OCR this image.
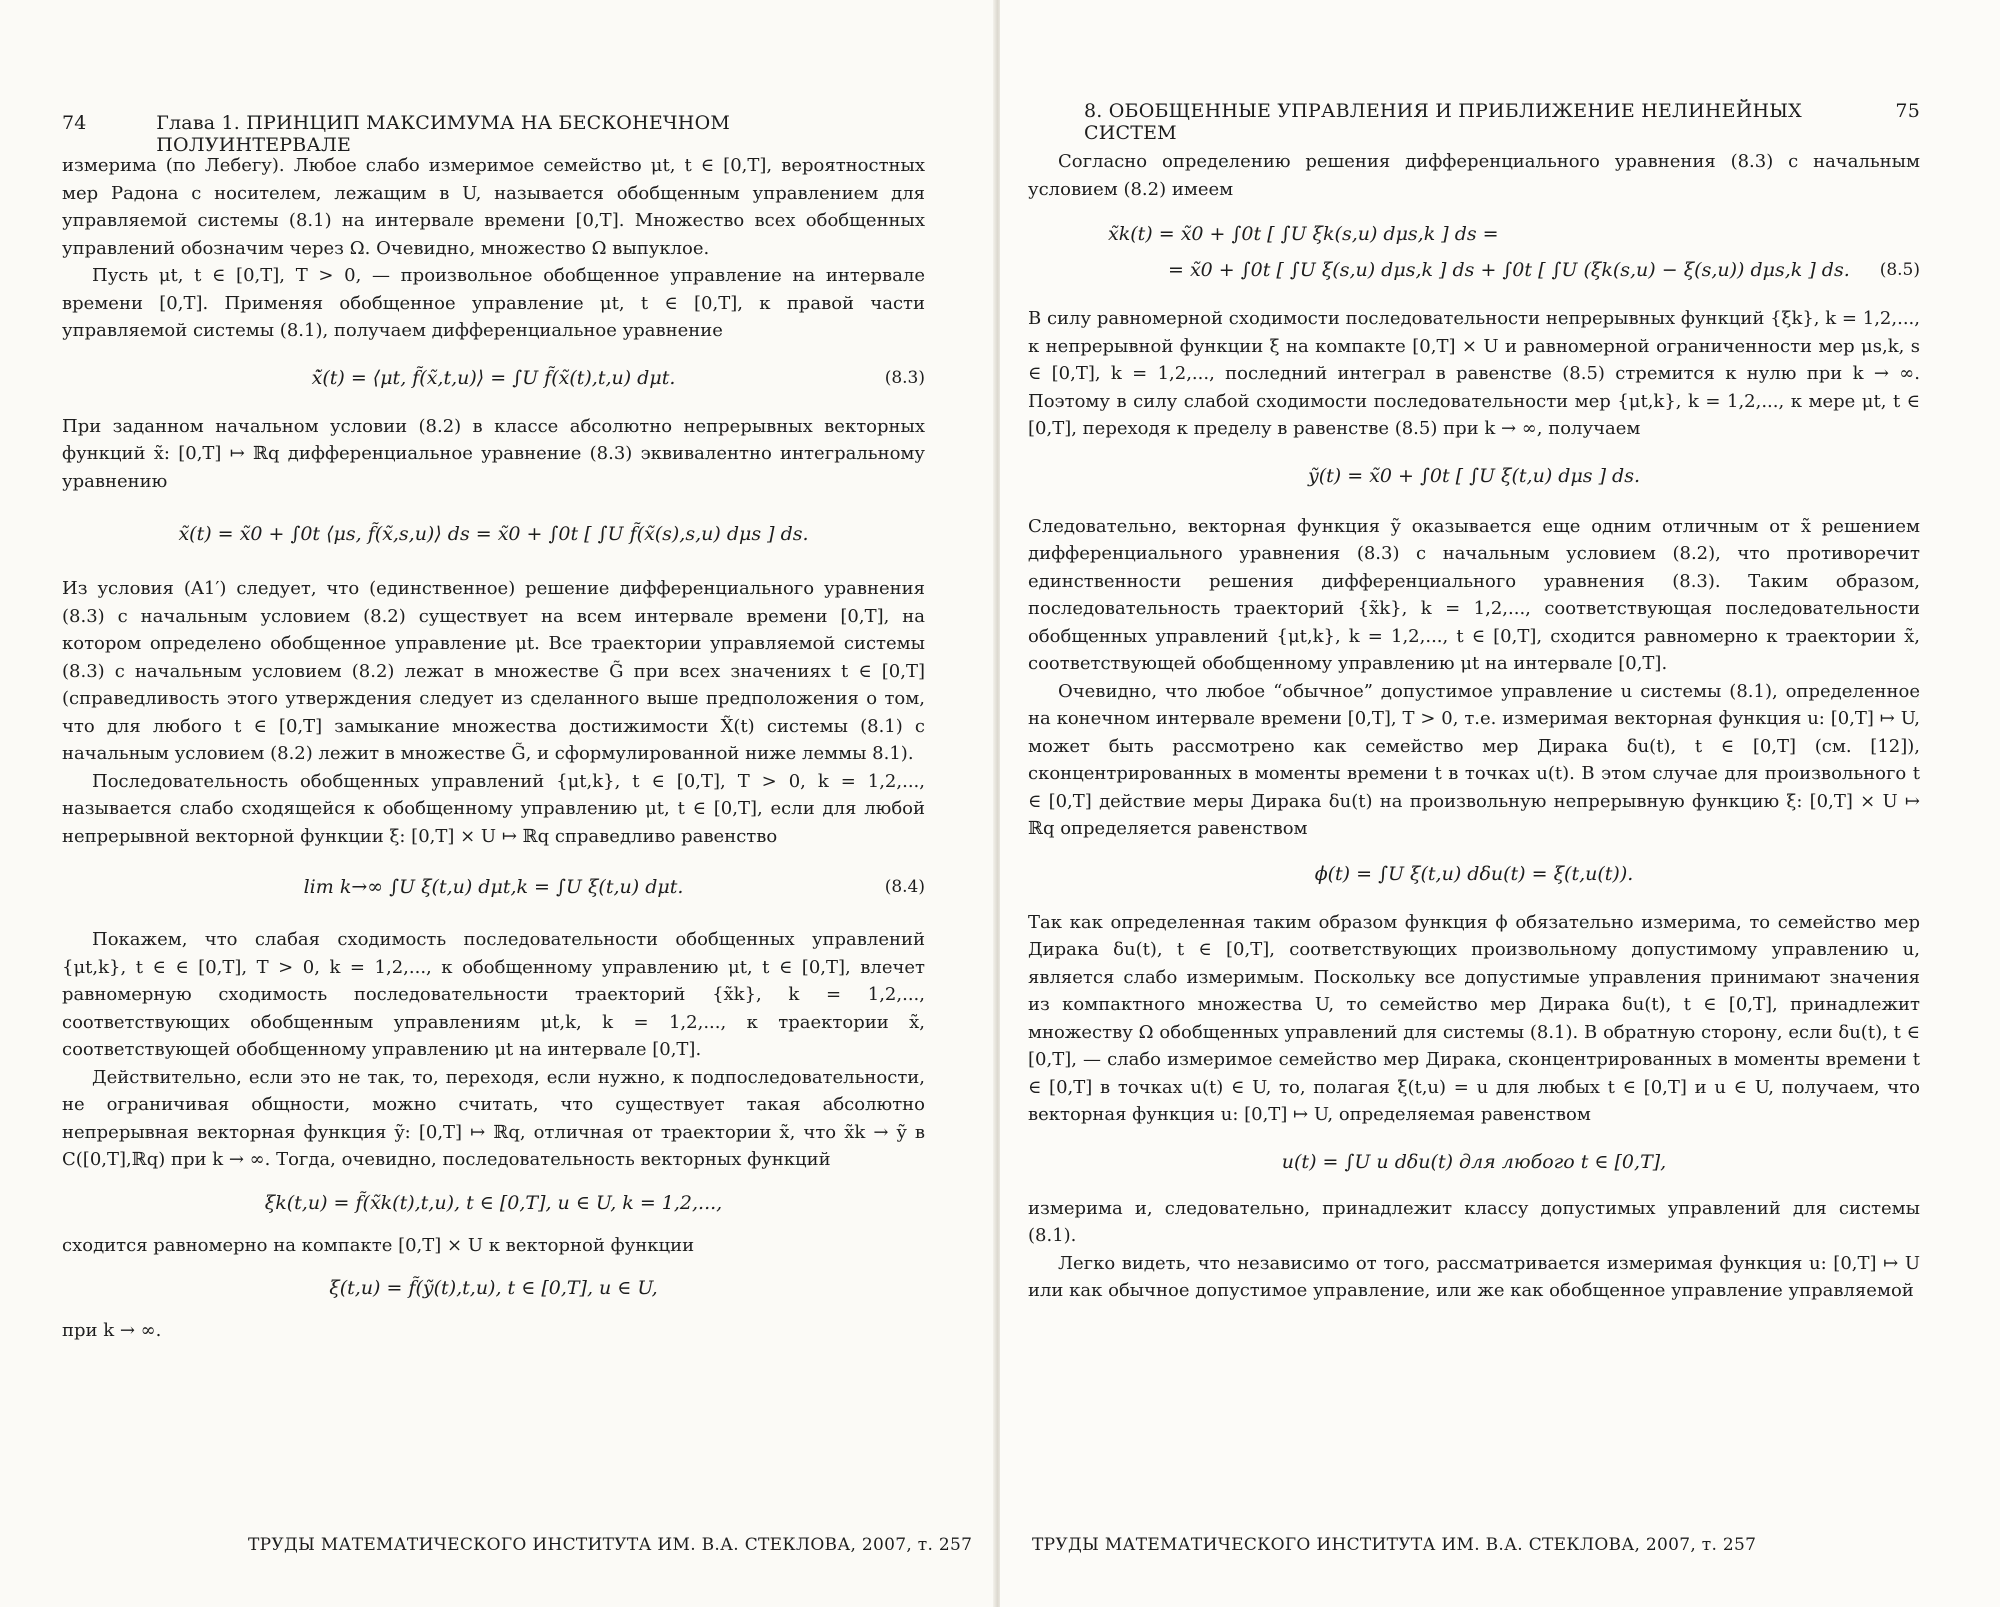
74	Глава 1. ПРИНЦИП МАКСИМУМА НА БЕСКОНЕЧНОМ ПОЛУИНТЕРВАЛЕ

измерима (по Лебегу). Любое слабо измеримое семейство μt, t ∈ [0,T], вероятностных мер Радона с носителем, лежащим в U, называется обобщенным управлением для управляемой системы (8.1) на интервале времени [0,T]. Множество всех обобщенных управлений обозначим через Ω. Очевидно, множество Ω выпуклое.

Пусть μt, t ∈ [0,T], T > 0, — произвольное обобщенное управление на интервале времени [0,T]. Применяя обобщенное управление μt, t ∈ [0,T], к правой части управляемой системы (8.1), получаем дифференциальное уравнение

x̃̇(t) = ⟨μt, f̃(x̃,t,u)⟩ = ∫U f̃(x̃(t),t,u) dμt.	(8.3)

При заданном начальном условии (8.2) в классе абсолютно непрерывных векторных функций x̃: [0,T] ↦ ℝq дифференциальное уравнение (8.3) эквивалентно интегральному уравнению

x̃(t) = x̃0 + ∫0t ⟨μs, f̃(x̃,s,u)⟩ ds = x̃0 + ∫0t [ ∫U f̃(x̃(s),s,u) dμs ] ds.

Из условия (A1′) следует, что (единственное) решение дифференциального уравнения (8.3) с начальным условием (8.2) существует на всем интервале времени [0,T], на котором определено обобщенное управление μt. Все траектории управляемой системы (8.3) с начальным условием (8.2) лежат в множестве G̃ при всех значениях t ∈ [0,T] (справедливость этого утверждения следует из сделанного выше предположения о том, что для любого t ∈ [0,T] замыкание множества достижимости X̃(t) системы (8.1) с начальным условием (8.2) лежит в множестве G̃, и сформулированной ниже леммы 8.1).

Последовательность обобщенных управлений {μt,k}, t ∈ [0,T], T > 0, k = 1,2,..., называется слабо сходящейся к обобщенному управлению μt, t ∈ [0,T], если для любой непрерывной векторной функции ξ: [0,T] × U ↦ ℝq справедливо равенство

lim k→∞ ∫U ξ(t,u) dμt,k = ∫U ξ(t,u) dμt.	(8.4)

Покажем, что слабая сходимость последовательности обобщенных управлений {μt,k}, t ∈ ∈ [0,T], T > 0, k = 1,2,..., к обобщенному управлению μt, t ∈ [0,T], влечет равномерную сходимость последовательности траекторий {x̃k}, k = 1,2,..., соответствующих обобщенным управлениям μt,k, k = 1,2,..., к траектории x̃, соответствующей обобщенному управлению μt на интервале [0,T].

Действительно, если это не так, то, переходя, если нужно, к подпоследовательности, не ограничивая общности, можно считать, что существует такая абсолютно непрерывная векторная функция ỹ: [0,T] ↦ ℝq, отличная от траектории x̃, что x̃k → ỹ в C([0,T],ℝq) при k → ∞. Тогда, очевидно, последовательность векторных функций

ξk(t,u) = f̃(x̃k(t),t,u), t ∈ [0,T], u ∈ U, k = 1,2,...,

сходится равномерно на компакте [0,T] × U к векторной функции

ξ(t,u) = f̃(ỹ(t),t,u), t ∈ [0,T], u ∈ U,

при k → ∞.

ТРУДЫ МАТЕМАТИЧЕСКОГО ИНСТИТУТА ИМ. В.А. СТЕКЛОВА, 2007, т. 257
8. ОБОБЩЕННЫЕ УПРАВЛЕНИЯ И ПРИБЛИЖЕНИЕ НЕЛИНЕЙНЫХ СИСТЕМ
75

Согласно определению решения дифференциального уравнения (8.3) с начальным условием (8.2) имеем

x̃k(t) = x̃0 + ∫0t [ ∫U ξk(s,u) dμs,k ] ds =
= x̃0 + ∫0t [ ∫U ξ(s,u) dμs,k ] ds + ∫0t [ ∫U (ξk(s,u) − ξ(s,u)) dμs,k ] ds. (8.5)

В силу равномерной сходимости последовательности непрерывных функций {ξk}, k = 1,2,..., к непрерывной функции ξ на компакте [0,T] × U и равномерной ограниченности мер μs,k, s ∈ [0,T], k = 1,2,..., последний интеграл в равенстве (8.5) стремится к нулю при k → ∞. Поэтому в силу слабой сходимости последовательности мер {μt,k}, k = 1,2,..., к мере μt, t ∈ [0,T], переходя к пределу в равенстве (8.5) при k → ∞, получаем

ỹ(t) = x̃0 + ∫0t [ ∫U ξ(t,u) dμs ] ds.

Следовательно, векторная функция ỹ оказывается еще одним отличным от x̃ решением дифференциального уравнения (8.3) с начальным условием (8.2), что противоречит единственности решения дифференциального уравнения (8.3). Таким образом, последовательность траекторий {x̃k}, k = 1,2,..., соответствующая последовательности обобщенных управлений {μt,k}, k = 1,2,..., t ∈ [0,T], сходится равномерно к траектории x̃, соответствующей обобщенному управлению μt на интервале [0,T].

Очевидно, что любое “обычное” допустимое управление u системы (8.1), определенное на конечном интервале времени [0,T], T > 0, т.е. измеримая векторная функция u: [0,T] ↦ U, может быть рассмотрено как семейство мер Дирака δu(t), t ∈ [0,T] (см. [12]), сконцентрированных в моменты времени t в точках u(t). В этом случае для произвольного t ∈ [0,T] действие меры Дирака δu(t) на произвольную непрерывную функцию ξ: [0,T] × U ↦ ℝq определяется равенством

ϕ(t) = ∫U ξ(t,u) dδu(t) = ξ(t,u(t)).

Так как определенная таким образом функция ϕ обязательно измерима, то семейство мер Дирака δu(t), t ∈ [0,T], соответствующих произвольному допустимому управлению u, является слабо измеримым. Поскольку все допустимые управления принимают значения из компактного множества U, то семейство мер Дирака δu(t), t ∈ [0,T], принадлежит множеству Ω обобщенных управлений для системы (8.1). В обратную сторону, если δu(t), t ∈ [0,T], — слабо измеримое семейство мер Дирака, сконцентрированных в моменты времени t ∈ [0,T] в точках u(t) ∈ U, то, полагая ξ(t,u) = u для любых t ∈ [0,T] и u ∈ U, получаем, что векторная функция u: [0,T] ↦ U, определяемая равенством

u(t) = ∫U u dδu(t) для любого t ∈ [0,T],

измерима и, следовательно, принадлежит классу допустимых управлений для системы (8.1).

Легко видеть, что независимо от того, рассматривается измеримая функция u: [0,T] ↦ U или как обычное допустимое управление, или же как обобщенное управление управляемой

ТРУДЫ МАТЕМАТИЧЕСКОГО ИНСТИТУТА ИМ. В.А. СТЕКЛОВА, 2007, т. 257
